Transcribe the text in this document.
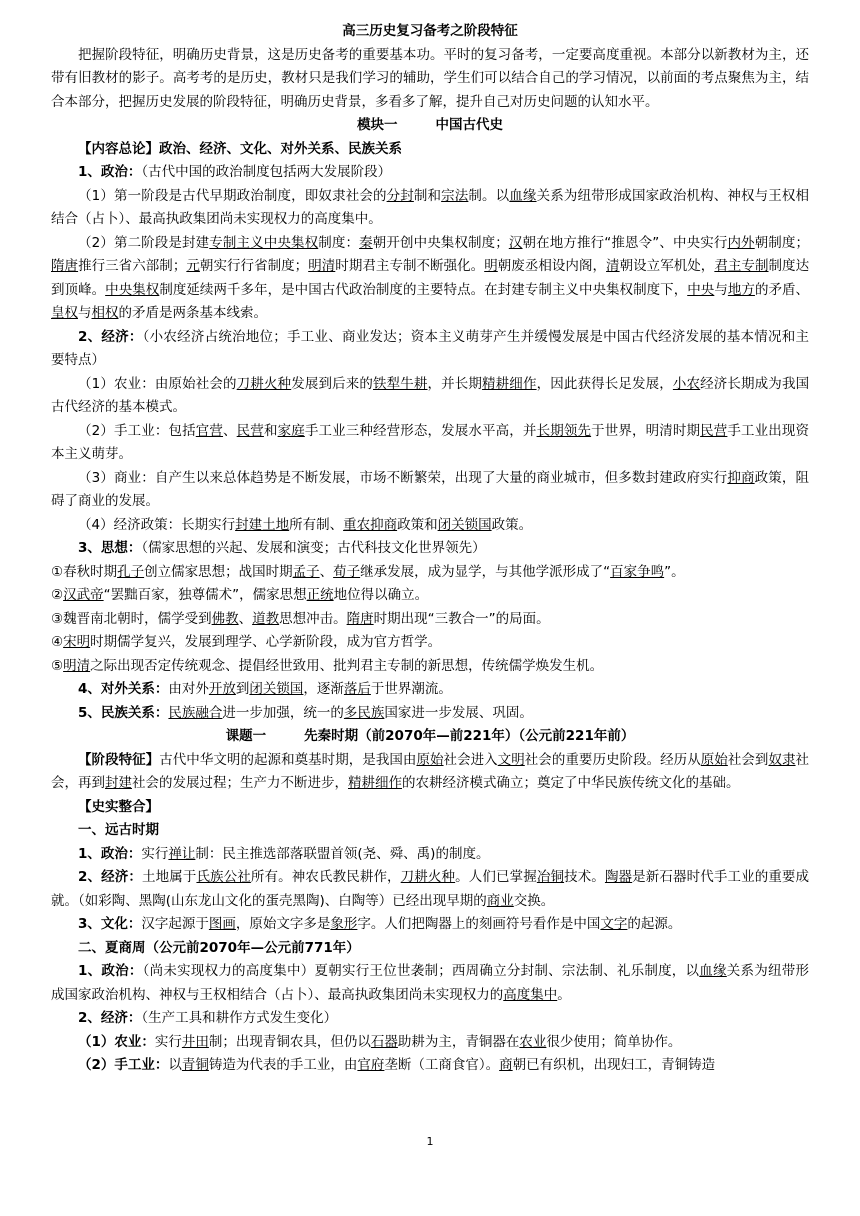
高三历史复习备考之阶段特征

把握阶段特征，明确历史背景，这是历史备考的重要基本功。平时的复习备考，一定要高度重视。本部分以新教材为主，还带有旧教材的影子。高考考的是历史，教材只是我们学习的辅助，学生们可以结合自己的学习情况，以前面的考点聚焦为主，结合本部分，把握历史发展的阶段特征，明确历史背景，多看多了解，提升自己对历史问题的认知水平。

模块一	中国古代史

【内容总论】政治、经济、文化、对外关系、民族关系

1、政治：（古代中国的政治制度包括两大发展阶段）

（1）第一阶段是古代早期政治制度，即奴隶社会的分封制和宗法制。以血缘关系为纽带形成国家政治机构、神权与王权相结合（占卜）、最高执政集团尚未实现权力的高度集中。

（2）第二阶段是封建专制主义中央集权制度：秦朝开创中央集权制度；汉朝在地方推行“推恩令”、中央实行内外朝制度；隋唐推行三省六部制；元朝实行行省制度；明清时期君主专制不断强化。明朝废丞相设内阁，清朝设立军机处，君主专制制度达到顶峰。中央集权制度延续两千多年，是中国古代政治制度的主要特点。在封建专制主义中央集权制度下，中央与地方的矛盾、皇权与相权的矛盾是两条基本线索。

2、经济：（小农经济占统治地位；手工业、商业发达；资本主义萌芽产生并缓慢发展是中国古代经济发展的基本情况和主要特点）

（1）农业：由原始社会的刀耕火种发展到后来的铁犁牛耕，并长期精耕细作，因此获得长足发展，小农经济长期成为我国古代经济的基本模式。

（2）手工业：包括官营、民营和家庭手工业三种经营形态，发展水平高，并长期领先于世界，明清时期民营手工业出现资本主义萌芽。

（3）商业：自产生以来总体趋势是不断发展，市场不断繁荣，出现了大量的商业城市，但多数封建政府实行抑商政策，阻碍了商业的发展。

（4）经济政策：长期实行封建土地所有制、重农抑商政策和闭关锁国政策。

3、思想：（儒家思想的兴起、发展和演变；古代科技文化世界领先）

①春秋时期孔子创立儒家思想；战国时期孟子、荀子继承发展，成为显学，与其他学派形成了“百家争鸣”。

②汉武帝“罢黜百家，独尊儒术”，儒家思想正统地位得以确立。

③魏晋南北朝时，儒学受到佛教、道教思想冲击。隋唐时期出现“三教合一”的局面。

④宋明时期儒学复兴，发展到理学、心学新阶段，成为官方哲学。

⑤明清之际出现否定传统观念、提倡经世致用、批判君主专制的新思想，传统儒学焕发生机。

4、对外关系：由对外开放到闭关锁国，逐渐落后于世界潮流。

5、民族关系：民族融合进一步加强，统一的多民族国家进一步发展、巩固。

课题一	先秦时期（前2070年—前221年）（公元前221年前）

【阶段特征】古代中华文明的起源和奠基时期，是我国由原始社会进入文明社会的重要历史阶段。经历从原始社会到奴隶社会，再到封建社会的发展过程；生产力不断进步，精耕细作的农耕经济模式确立；奠定了中华民族传统文化的基础。

【史实整合】

一、远古时期

1、政治：实行禅让制：民主推选部落联盟首领(尧、舜、禹)的制度。

2、经济：土地属于氏族公社所有。神农氏教民耕作，刀耕火种。人们已掌握冶铜技术。陶器是新石器时代手工业的重要成就。（如彩陶、黑陶(山东龙山文化的蛋壳黑陶)、白陶等）已经出现早期的商业交换。

3、文化：汉字起源于图画，原始文字多是象形字。人们把陶器上的刻画符号看作是中国文字的起源。

二、夏商周（公元前2070年—公元前771年）

1、政治：（尚未实现权力的高度集中）夏朝实行王位世袭制；西周确立分封制、宗法制、礼乐制度，以血缘关系为纽带形成国家政治机构、神权与王权相结合（占卜）、最高执政集团尚未实现权力的高度集中。

2、经济：（生产工具和耕作方式发生变化）

（1）农业：实行井田制；出现青铜农具，但仍以石器助耕为主，青铜器在农业很少使用；简单协作。

（2）手工业：以青铜铸造为代表的手工业，由官府垄断（工商食官）。商朝已有织机，出现妇工，青铜铸造

1
